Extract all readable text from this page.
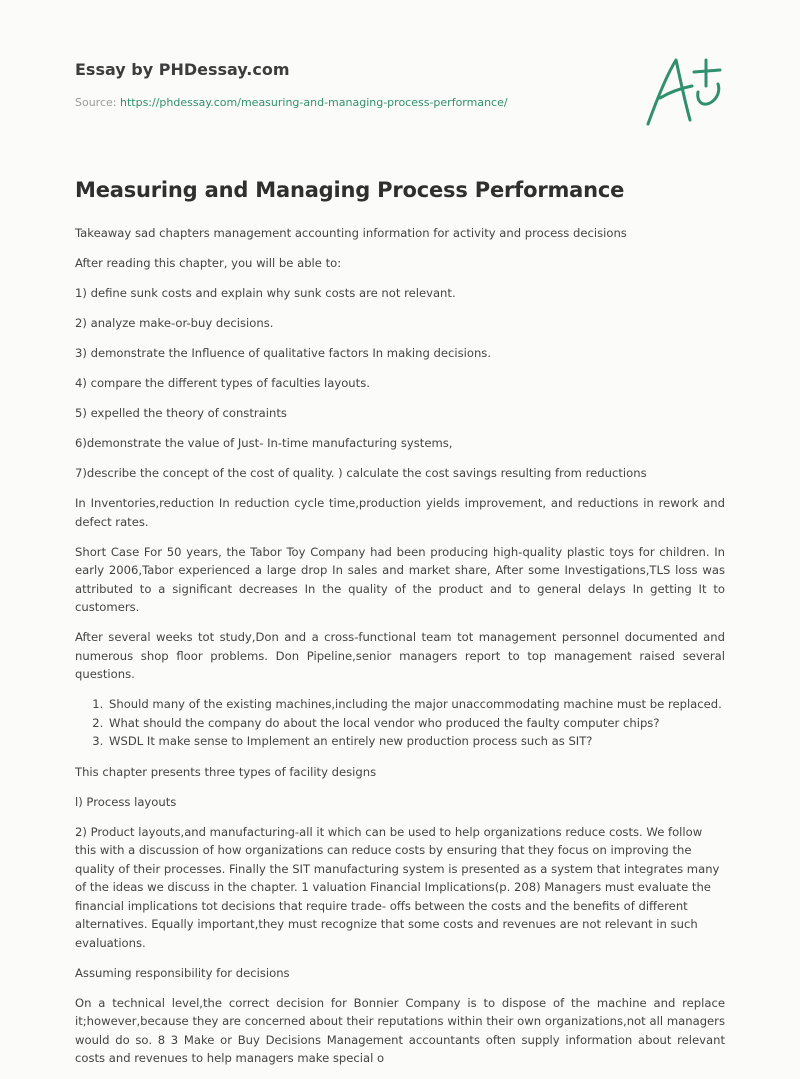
Essay by PHDessay.com
Source: https://phdessay.com/measuring-and-managing-process-performance/
Measuring and Managing Process Performance

Takeaway sad chapters management accounting information for activity and process decisions

After reading this chapter, you will be able to:

1) define sunk costs and explain why sunk costs are not relevant.

2) analyze make-or-buy decisions.

3) demonstrate the Influence of qualitative factors In making decisions.

4) compare the different types of faculties layouts.

5) expelled the theory of constraints

6)demonstrate the value of Just- In-time manufacturing systems,

7)describe the concept of the cost of quality. ) calculate the cost savings resulting from reductions

In Inventories,reduction In reduction cycle time,production yields improvement, and reductions in rework and defect rates.

Short Case For 50 years, the Tabor Toy Company had been producing high-quality plastic toys for children. In early 2006,Tabor experienced a large drop In sales and market share, After some Investigations,TLS loss was attributed to a significant decreases In the quality of the product and to general delays In getting It to customers.

After several weeks tot study,Don and a cross-functional team tot management personnel documented and numerous shop floor problems. Don Pipeline,senior managers report to top management raised several questions.

1. Should many of the existing machines,including the major unaccommodating machine must be replaced.
2. What should the company do about the local vendor who produced the faulty computer chips?
3. WSDL It make sense to Implement an entirely new production process such as SIT?

This chapter presents three types of facility designs

l) Process layouts

2) Product layouts,and manufacturing-all it which can be used to help organizations reduce costs. We follow this with a discussion of how organizations can reduce costs by ensuring that they focus on improving the quality of their processes. Finally the SIT manufacturing system is presented as a system that integrates many of the ideas we discuss in the chapter. 1 valuation Financial Implications(p. 208) Managers must evaluate the financial implications tot decisions that require trade- offs between the costs and the benefits of different alternatives. Equally important,they must recognize that some costs and revenues are not relevant in such evaluations.

Assuming responsibility for decisions

On a technical level,the correct decision for Bonnier Company is to dispose of the machine and replace it;however,because they are concerned about their reputations within their own organizations,not all managers would do so. 8 3 Make or Buy Decisions Management accountants often supply information about relevant costs and revenues to help managers make special o
